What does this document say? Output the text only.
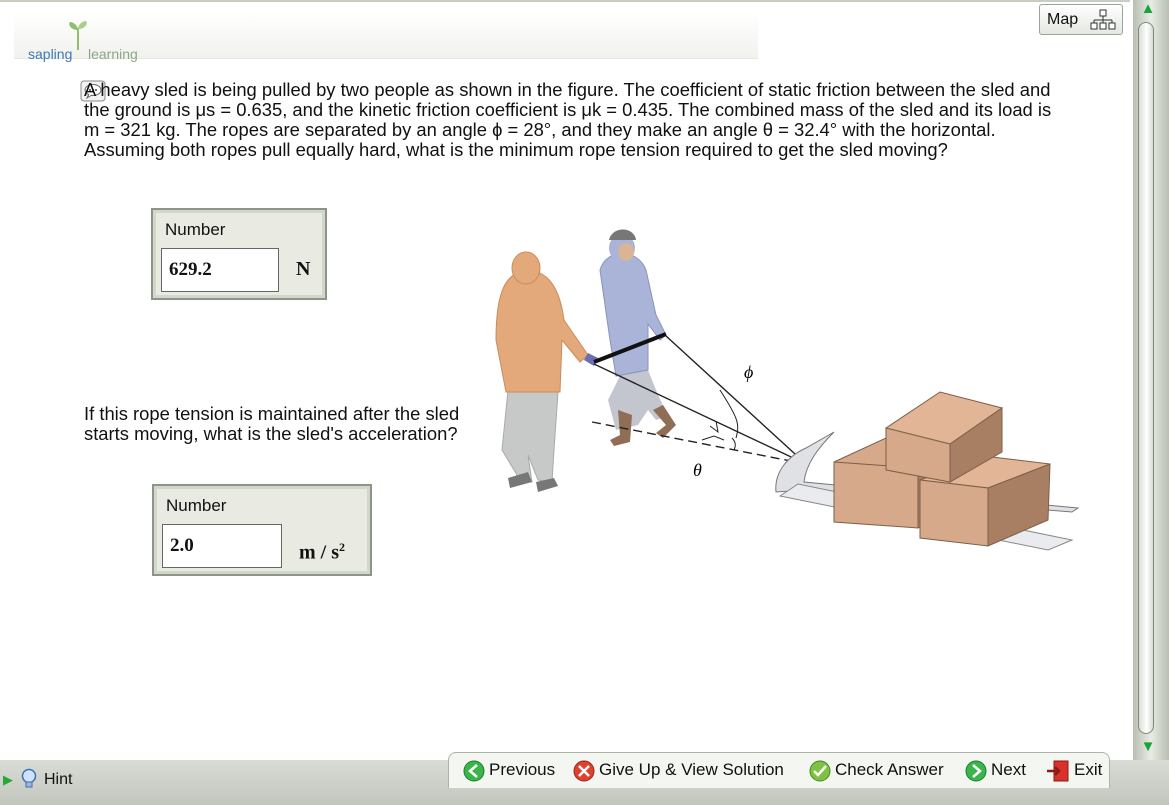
sapling learning
Map
A heavy sled is being pulled by two people as shown in the figure. The coefficient of static friction between the sled and the ground is μs = 0.635, and the kinetic friction coefficient is μk = 0.435. The combined mass of the sled and its load is m = 321 kg. The ropes are separated by an angle ϕ = 28°, and they make an angle θ = 32.4° with the horizontal. Assuming both ropes pull equally hard, what is the minimum rope tension required to get the sled moving?
Number
629.2	N
If this rope tension is maintained after the sled starts moving, what is the sled's acceleration?
Number
2.0	m / $s^2$
ϕ
θ
▲
▼
▶ Hint
Previous	Give Up & View Solution	Check Answer	Next	Exit
